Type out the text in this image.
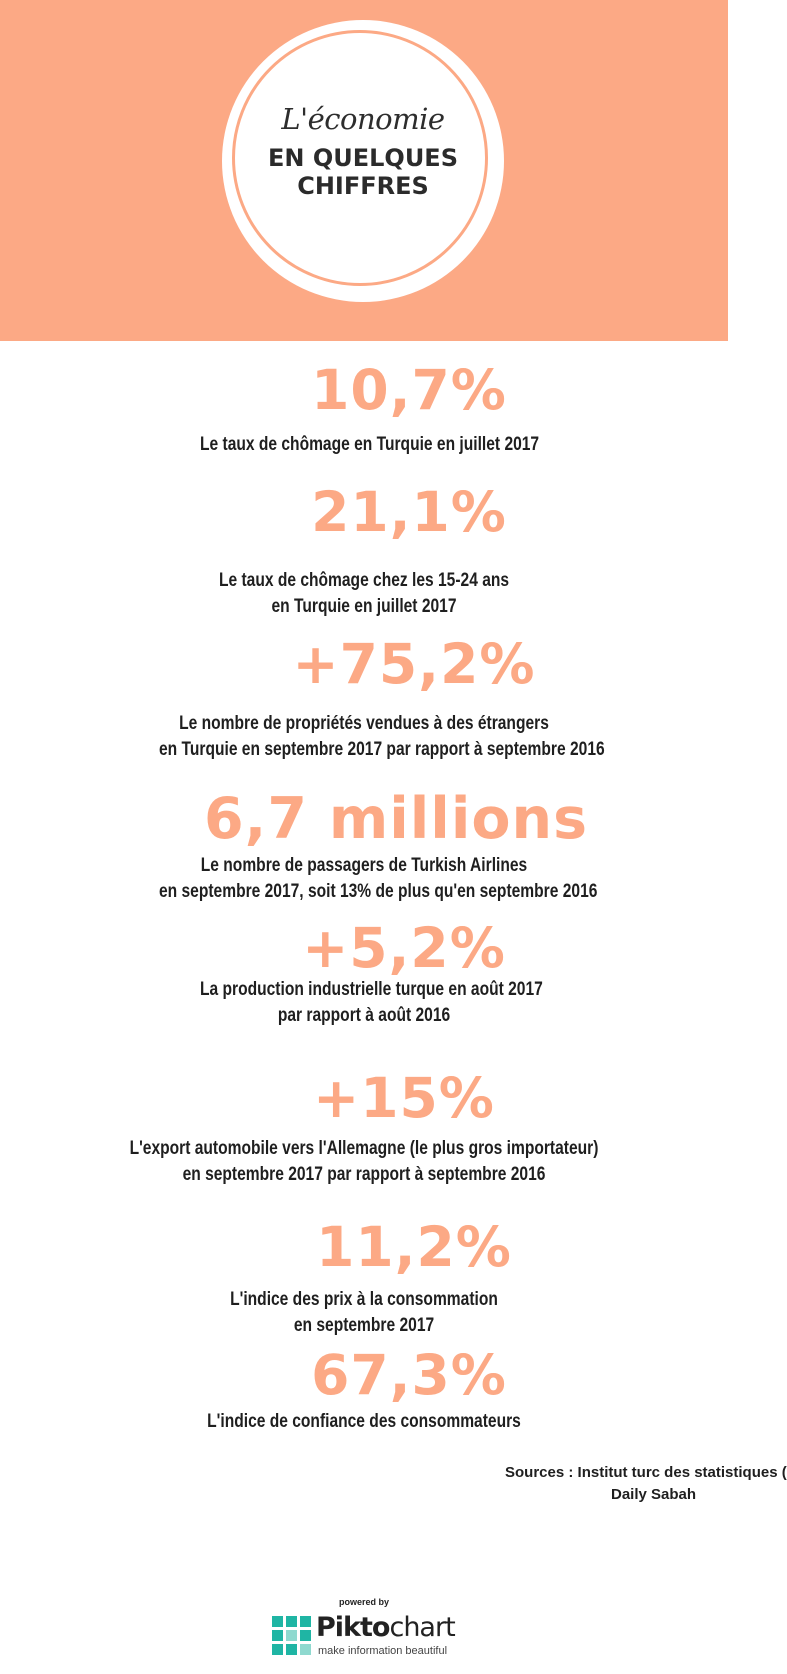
L'économie
EN QUELQUES
CHIFFRES
10,7%
Le taux de chômage en Turquie en juillet 2017
21,1%
Le taux de chômage chez les 15-24 ans
en Turquie en juillet 2017
+75,2%
Le nombre de propriétés vendues à des étrangers
en Turquie en septembre 2017 par rapport à septembre 2016
6,7 millions
Le nombre de passagers de Turkish Airlines
en septembre 2017, soit 13% de plus qu'en septembre 2016
+5,2%
La production industrielle turque en août 2017
par rapport à août 2016
+15%
L'export automobile vers l'Allemagne (le plus gros importateur)
en septembre 2017 par rapport à septembre 2016
11,2%
L'indice des prix à la consommation
en septembre 2017
67,3%
L'indice de confiance des consommateurs
Sources : Institut turc des statistiques (
Daily Sabah
powered by
Piktochart
make information beautiful
